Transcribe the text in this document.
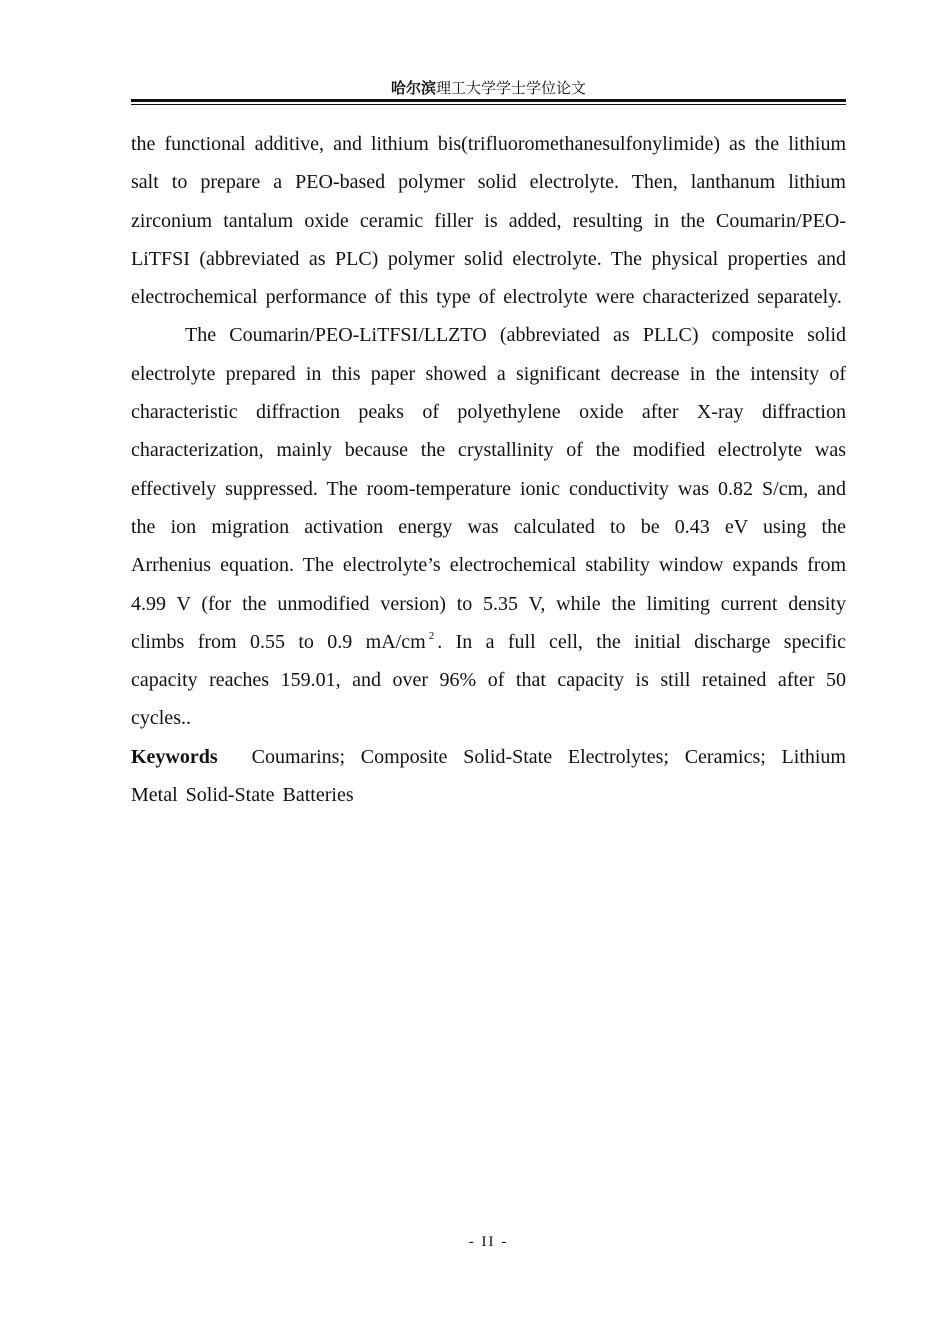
哈尔滨理工大学学士学位论文

the functional additive, and lithium bis(trifluoromethanesulfonylimide) as the lithium salt to prepare a PEO-based polymer solid electrolyte. Then, lanthanum lithium zirconium tantalum oxide ceramic filler is added, resulting in the Coumarin/PEO-LiTFSI (abbreviated as PLC) polymer solid electrolyte. The physical properties and electrochemical performance of this type of electrolyte were characterized separately.

The Coumarin/PEO-LiTFSI/LLZTO (abbreviated as PLLC) composite solid electrolyte prepared in this paper showed a significant decrease in the intensity of characteristic diffraction peaks of polyethylene oxide after X-ray diffraction characterization, mainly because the crystallinity of the modified electrolyte was effectively suppressed. The room-temperature ionic conductivity was 0.82 S/cm, and the ion migration activation energy was calculated to be 0.43 eV using the Arrhenius equation. The electrolyte’s electrochemical stability window expands from 4.99 V (for the unmodified version) to 5.35 V, while the limiting current density climbs from 0.55 to 0.9 mA/cm $^2$ . In a full cell, the initial discharge specific capacity reaches 159.01, and over 96% of that capacity is still retained after 50 cycles..

Keywords Coumarins; Composite Solid-State Electrolytes; Ceramics; Lithium Metal Solid-State Batteries

- II -
